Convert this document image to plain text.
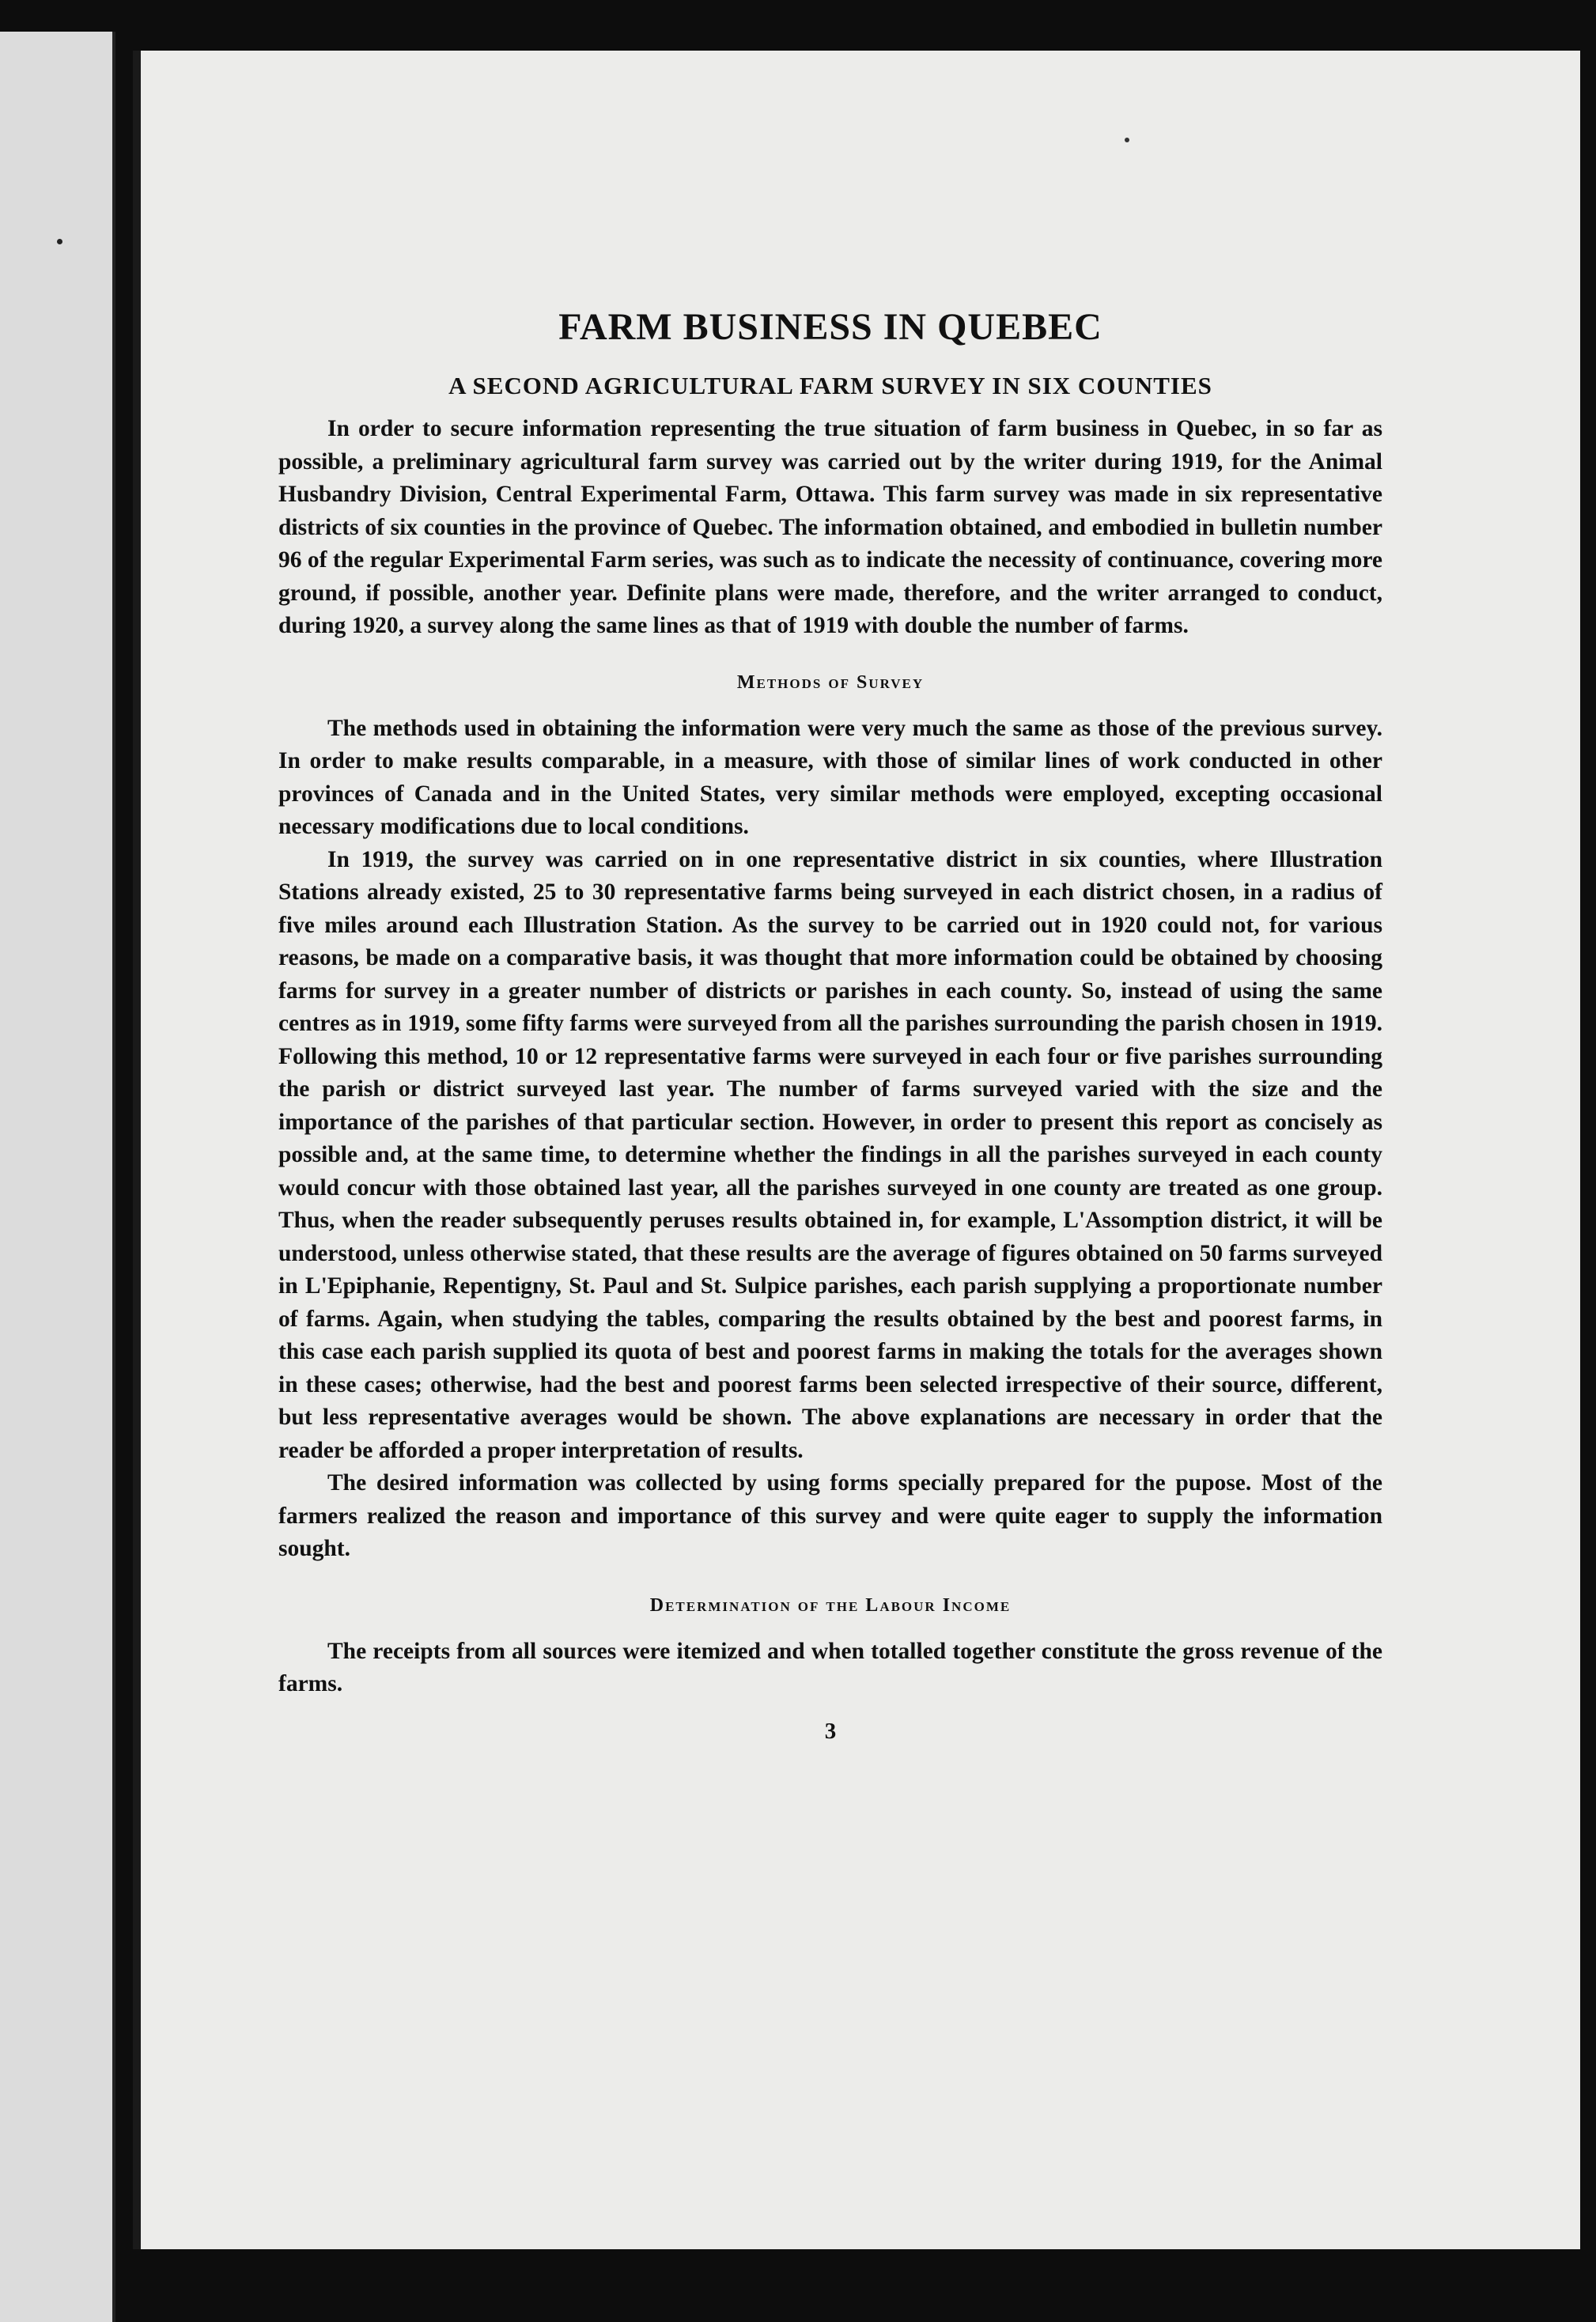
FARM BUSINESS IN QUEBEC
A SECOND AGRICULTURAL FARM SURVEY IN SIX COUNTIES

In order to secure information representing the true situation of farm business in Quebec, in so far as possible, a preliminary agricultural farm survey was carried out by the writer during 1919, for the Animal Husbandry Division, Central Experimental Farm, Ottawa. This farm survey was made in six representative districts of six counties in the province of Quebec. The information obtained, and embodied in bulletin number 96 of the regular Experimental Farm series, was such as to indicate the necessity of continuance, covering more ground, if possible, another year. Definite plans were made, therefore, and the writer arranged to conduct, during 1920, a survey along the same lines as that of 1919 with double the number of farms.

Methods of Survey

The methods used in obtaining the information were very much the same as those of the previous survey. In order to make results comparable, in a measure, with those of similar lines of work conducted in other provinces of Canada and in the United States, very similar methods were employed, excepting occasional necessary modifications due to local conditions.

In 1919, the survey was carried on in one representative district in six counties, where Illustration Stations already existed, 25 to 30 representative farms being surveyed in each district chosen, in a radius of five miles around each Illustration Station. As the survey to be carried out in 1920 could not, for various reasons, be made on a comparative basis, it was thought that more information could be obtained by choosing farms for survey in a greater number of districts or parishes in each county. So, instead of using the same centres as in 1919, some fifty farms were surveyed from all the parishes surrounding the parish chosen in 1919. Following this method, 10 or 12 representative farms were surveyed in each four or five parishes surrounding the parish or district surveyed last year. The number of farms surveyed varied with the size and the importance of the parishes of that particular section. However, in order to present this report as concisely as possible and, at the same time, to determine whether the findings in all the parishes surveyed in each county would concur with those obtained last year, all the parishes surveyed in one county are treated as one group. Thus, when the reader subsequently peruses results obtained in, for example, L'Assomption district, it will be understood, unless otherwise stated, that these results are the average of figures obtained on 50 farms surveyed in L'Epiphanie, Repentigny, St. Paul and St. Sulpice parishes, each parish supplying a proportionate number of farms. Again, when studying the tables, comparing the results obtained by the best and poorest farms, in this case each parish supplied its quota of best and poorest farms in making the totals for the averages shown in these cases; otherwise, had the best and poorest farms been selected irrespective of their source, different, but less representative averages would be shown. The above explanations are necessary in order that the reader be afforded a proper interpretation of results.

The desired information was collected by using forms specially prepared for the pupose. Most of the farmers realized the reason and importance of this survey and were quite eager to supply the information sought.

Determination of the Labour Income

The receipts from all sources were itemized and when totalled together constitute the gross revenue of the farms.

3
